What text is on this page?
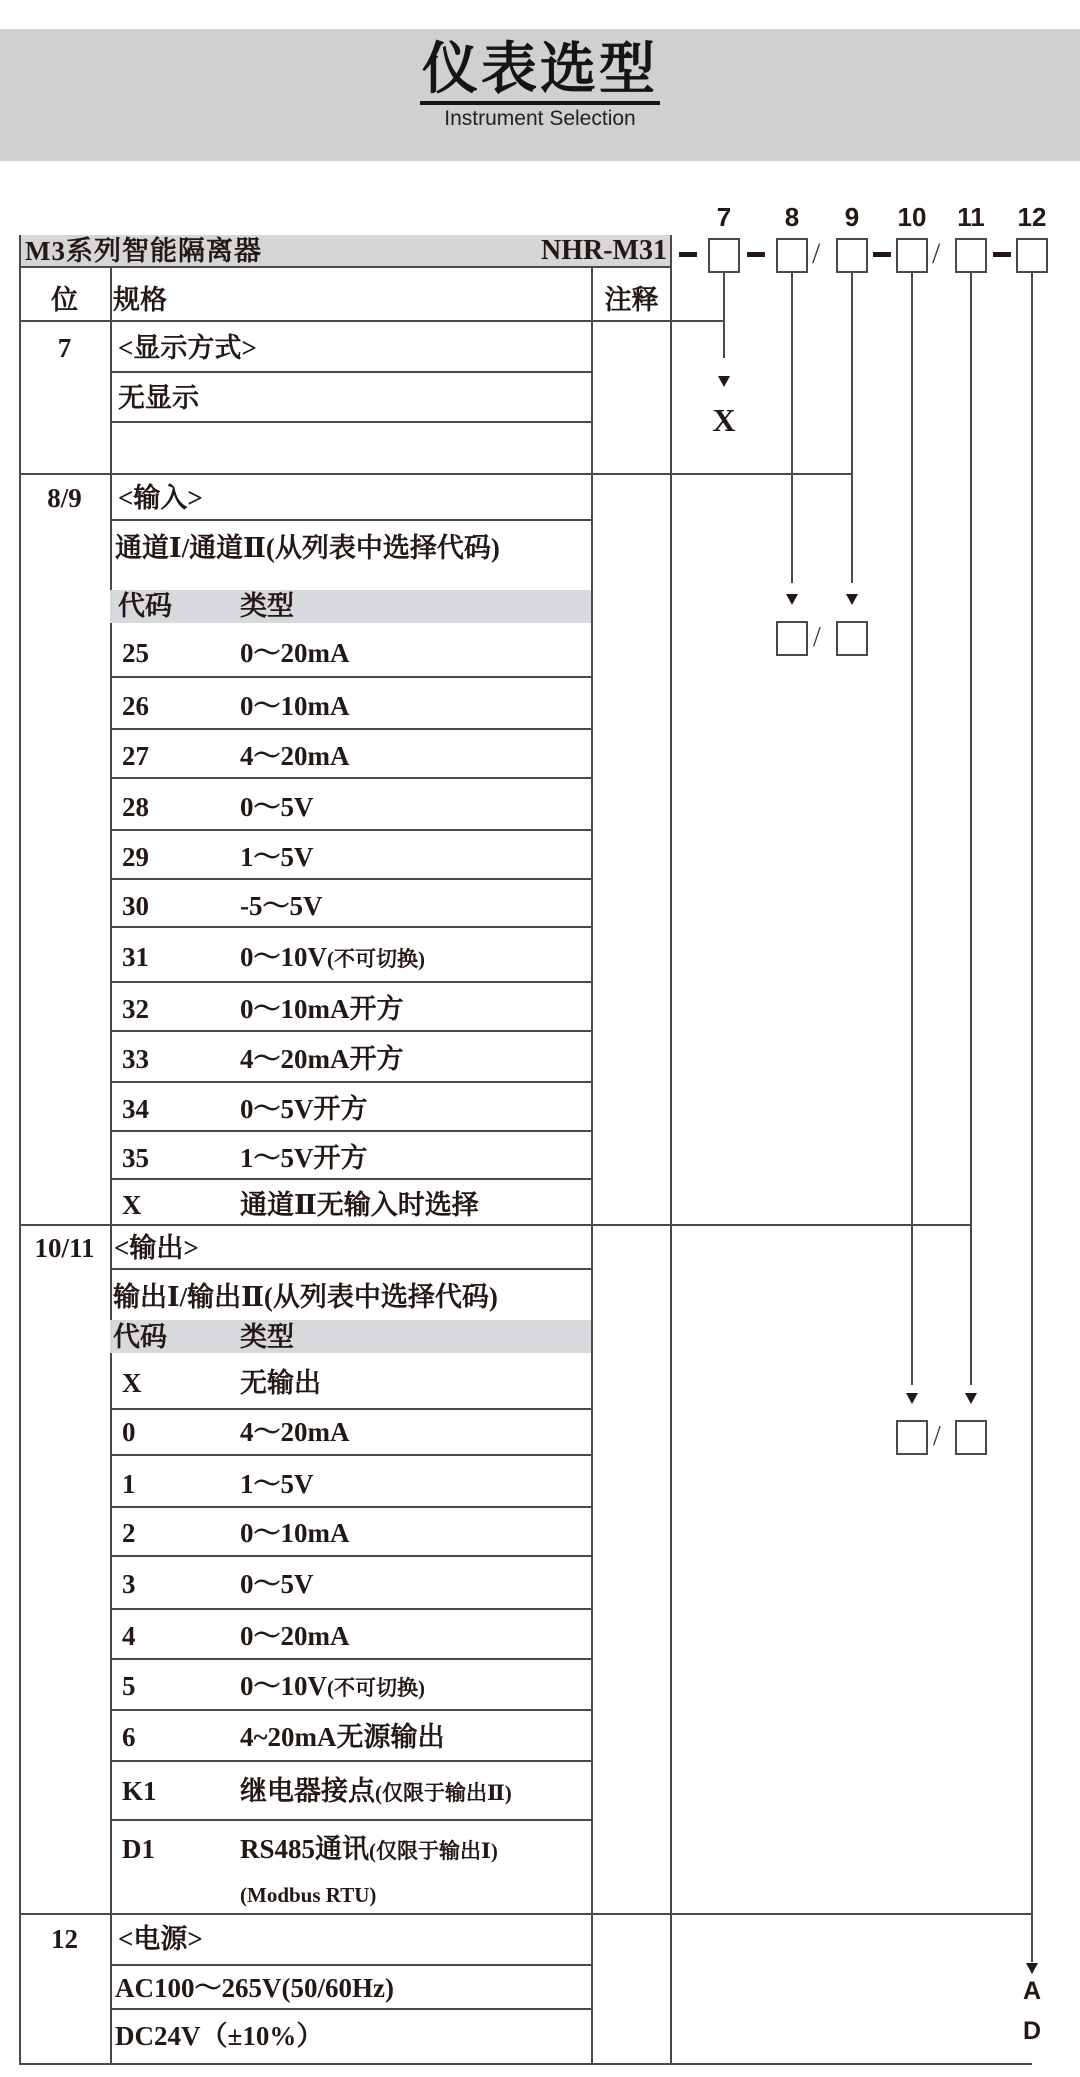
仪表选型
Instrument Selection
7	8	9	10 11 12
M3系列智能隔离器	NHR-M31	/	/
X
/
/
A
D
位	规格	注释
7	<显示方式>
无显示
8/9	<输入>
通道Ⅰ/通道Ⅱ(从列表中选择代码)
代码	类型
25	0～20mA
26	0～10mA
27	4～20mA
28	0～5V
29	1～5V
30	-5～5V
31	0～10V(不可切换)
32	0～10mA开方
33	4～20mA开方
34	0～5V开方
35	1～5V开方
X	通道Ⅱ无输入时选择
10/11 <输出>
输出Ⅰ/输出Ⅱ(从列表中选择代码)
代码	类型
X	无输出
0	4～20mA
1	1～5V
2	0～10mA
3	0～5V
4	0～20mA
5	0～10V(不可切换)
6	4~20mA无源输出
K1	继电器接点(仅限于输出Ⅱ)
D1	RS485通讯(仅限于输出Ⅰ)
(Modbus RTU)
12	<电源>
AC100～265V(50/60Hz)
DC24V（±10%）
